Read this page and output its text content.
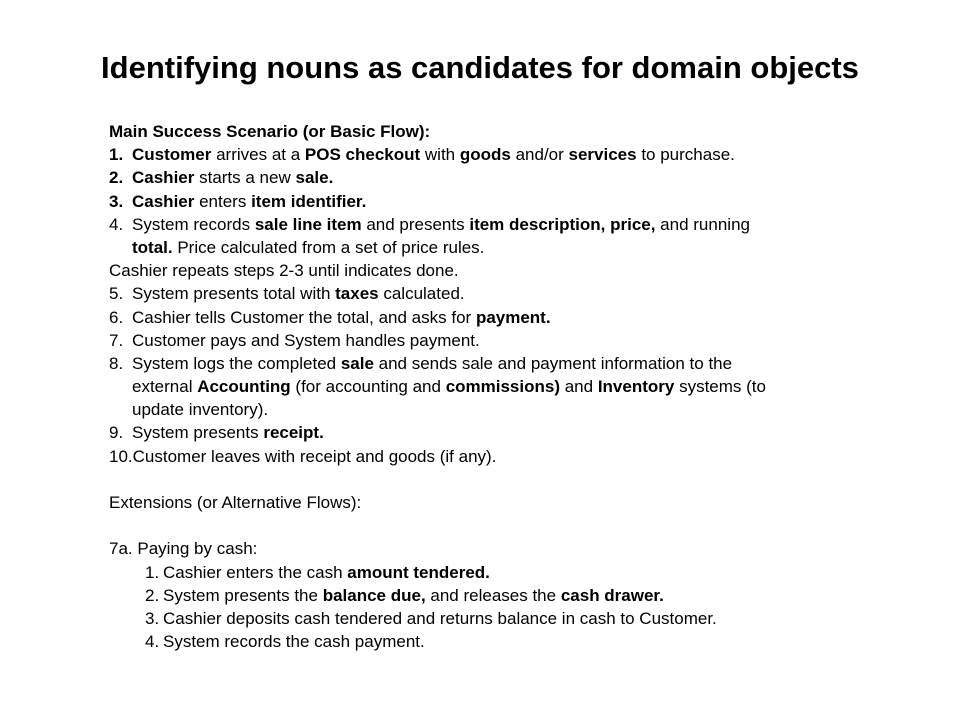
Identifying nouns as candidates for domain objects
Main Success Scenario (or Basic Flow):
1. Customer arrives at a POS checkout with goods and/or services to purchase.
2. Cashier starts a new sale.
3. Cashier enters item identifier.
4. System records sale line item and presents item description, price, and running
total. Price calculated from a set of price rules.
Cashier repeats steps 2-3 until indicates done.
5. System presents total with taxes calculated.
6. Cashier tells Customer the total, and asks for payment.
7. Customer pays and System handles payment.
8. System logs the completed sale and sends sale and payment information to the
external Accounting (for accounting and commissions) and Inventory systems (to
update inventory).
9. System presents receipt.
10.Customer leaves with receipt and goods (if any).
Extensions (or Alternative Flows):
7a. Paying by cash:
1. Cashier enters the cash amount tendered.
2. System presents the balance due, and releases the cash drawer.
3. Cashier deposits cash tendered and returns balance in cash to Customer.
4. System records the cash payment.
